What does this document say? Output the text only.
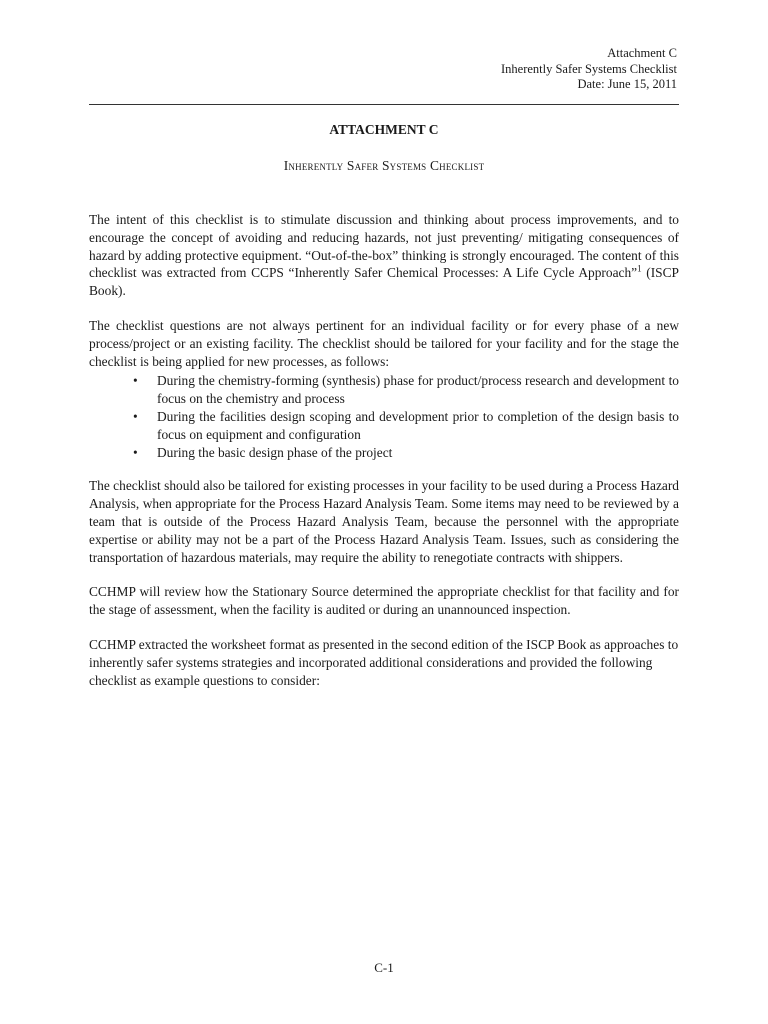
Attachment C
Inherently Safer Systems Checklist
Date: June 15, 2011
ATTACHMENT C
Inherently Safer Systems Checklist

The intent of this checklist is to stimulate discussion and thinking about process improvements, and to encourage the concept of avoiding and reducing hazards, not just preventing/ mitigating consequences of hazard by adding protective equipment. “Out-of-the-box” thinking is strongly encouraged. The content of this checklist was extracted from CCPS “Inherently Safer Chemical Processes: A Life Cycle Approach”$^1$ (ISCP Book).

The checklist questions are not always pertinent for an individual facility or for every phase of a new process/project or an existing facility. The checklist should be tailored for your facility and for the stage the checklist is being applied for new processes, as follows:

• During the chemistry-forming (synthesis) phase for product/process research and development to focus on the chemistry and process
• During the facilities design scoping and development prior to completion of the design basis to focus on equipment and configuration
• During the basic design phase of the project

The checklist should also be tailored for existing processes in your facility to be used during a Process Hazard Analysis, when appropriate for the Process Hazard Analysis Team. Some items may need to be reviewed by a team that is outside of the Process Hazard Analysis Team, because the personnel with the appropriate expertise or ability may not be a part of the Process Hazard Analysis Team. Issues, such as considering the transportation of hazardous materials, may require the ability to renegotiate contracts with shippers.

CCHMP will review how the Stationary Source determined the appropriate checklist for that facility and for the stage of assessment, when the facility is audited or during an unannounced inspection.

CCHMP extracted the worksheet format as presented in the second edition of the ISCP Book as approaches to inherently safer systems strategies and incorporated additional considerations and provided the following checklist as example questions to consider:

C-1
